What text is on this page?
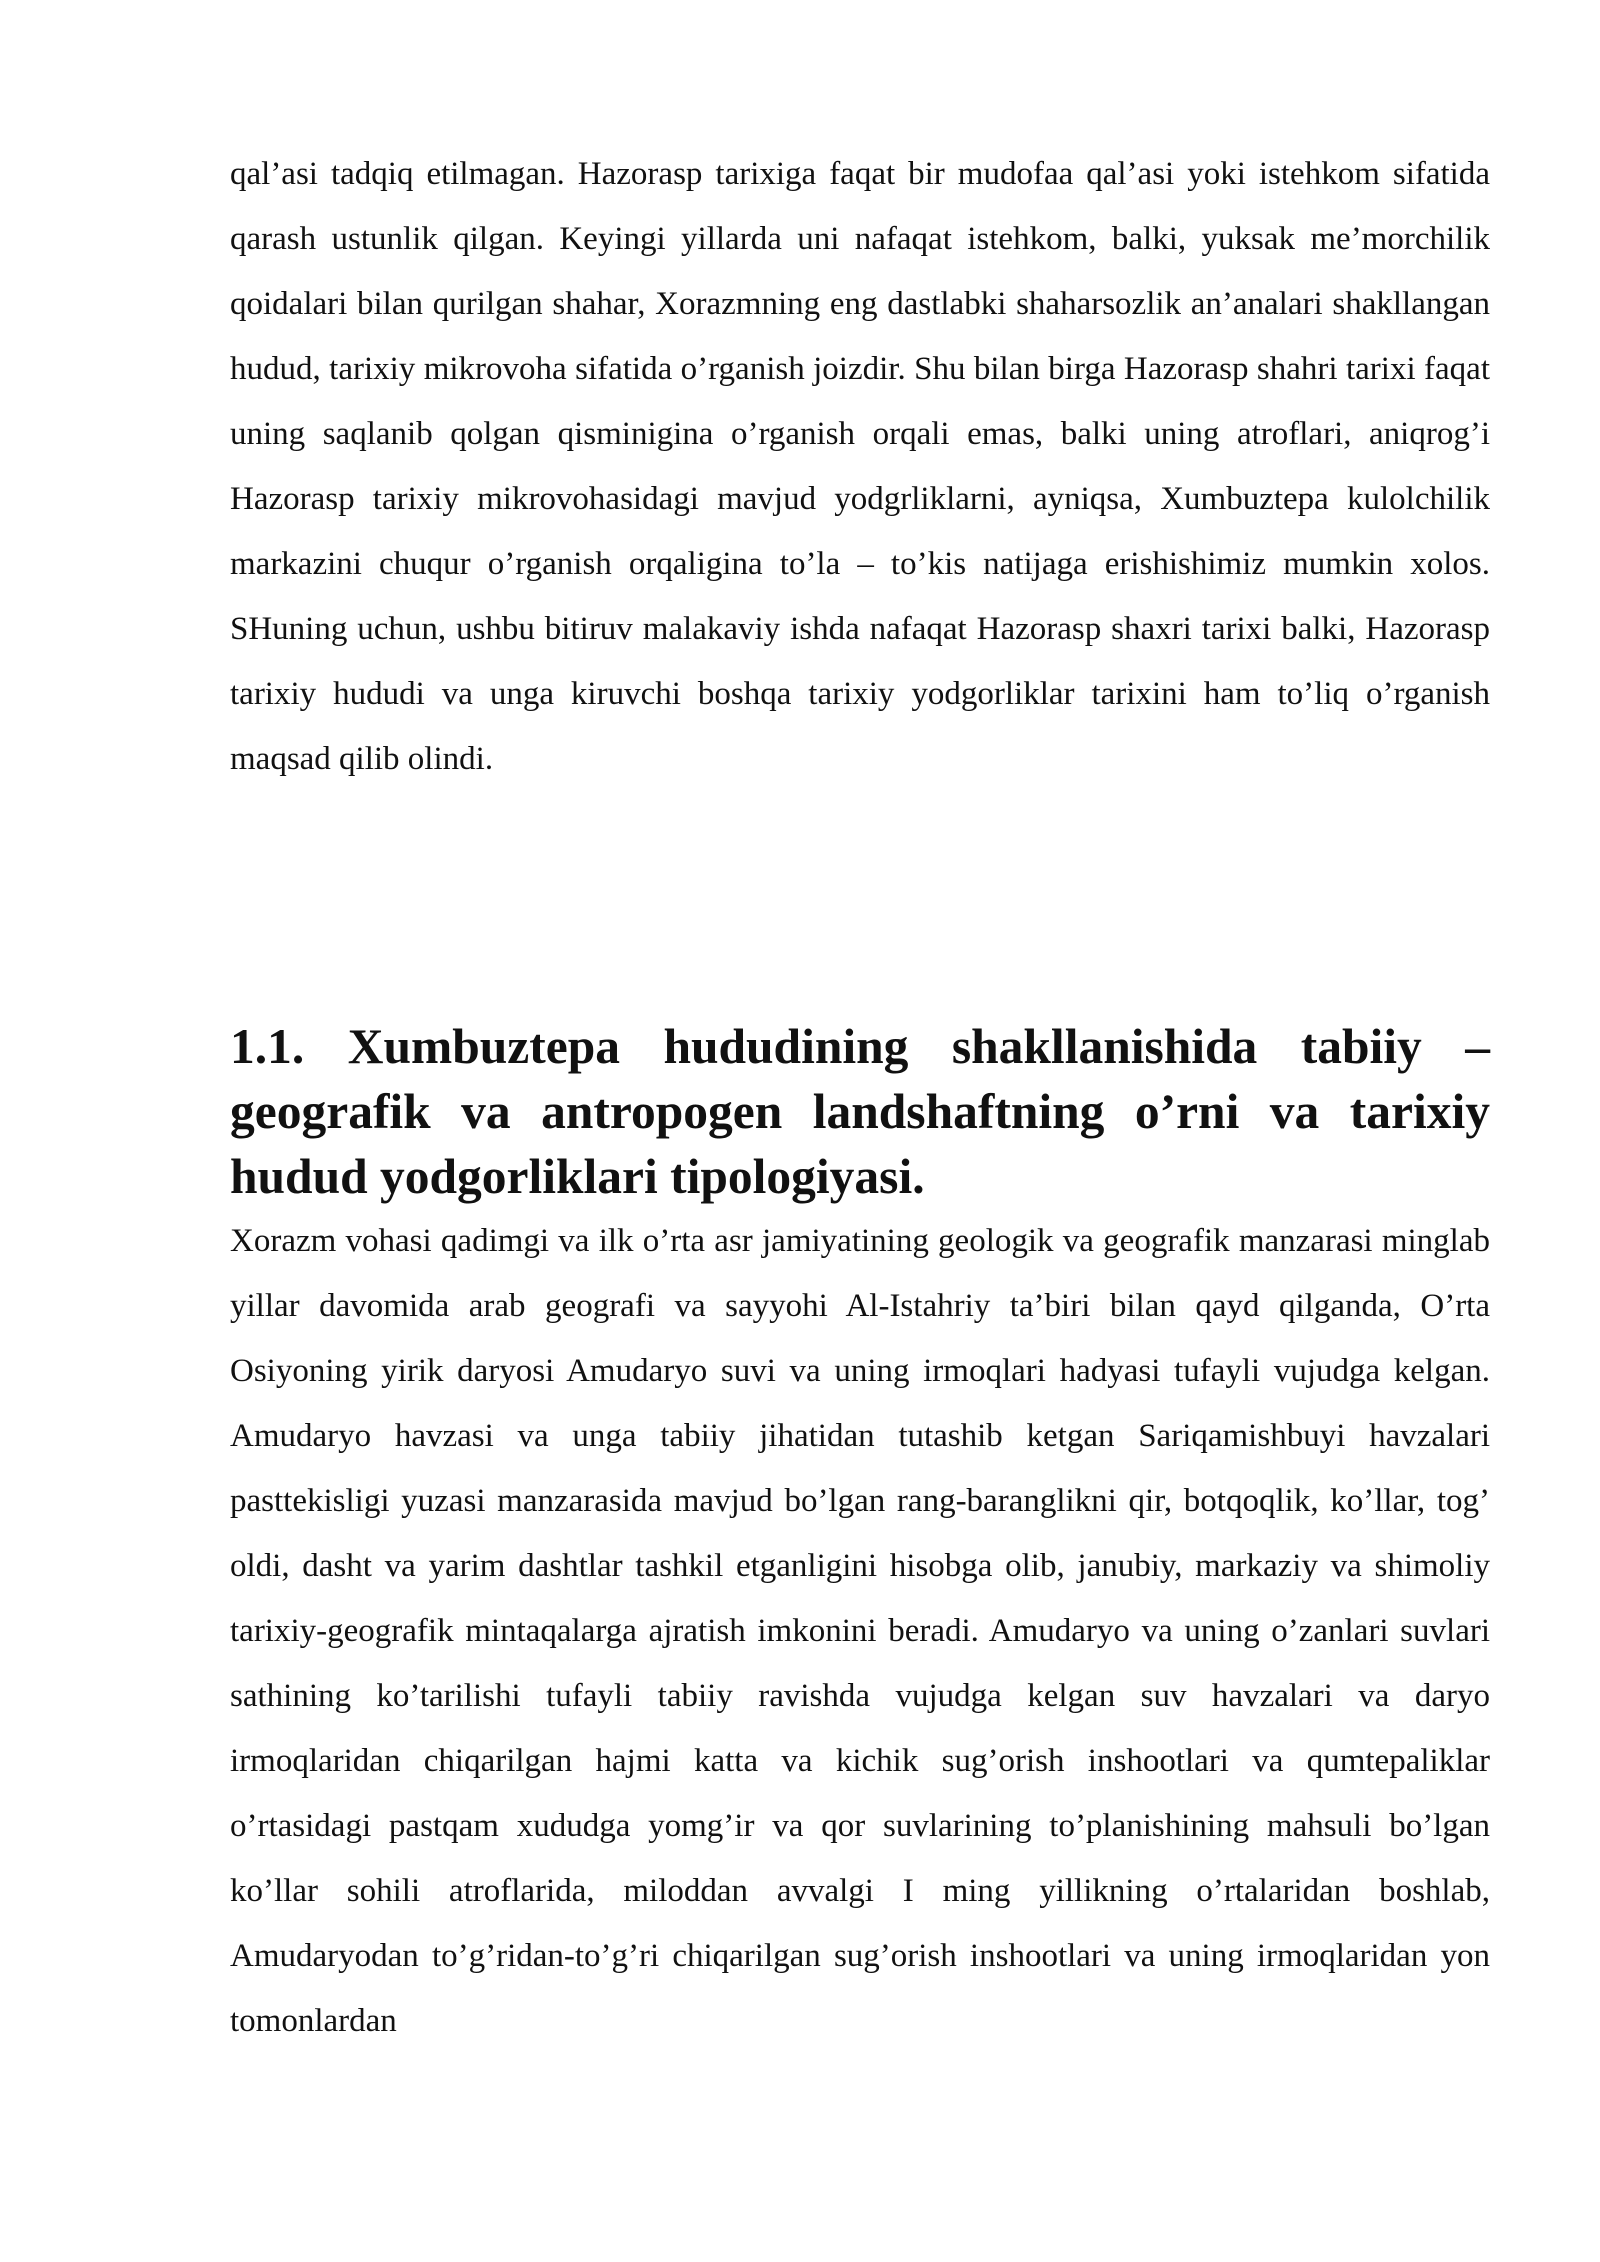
qal’asi tadqiq etilmagan. Hazorasp tarixiga faqat bir mudofaa qal’asi yoki istehkom sifatida qarash ustunlik qilgan. Keyingi yillarda uni nafaqat istehkom, balki, yuksak me’morchilik qoidalari bilan qurilgan shahar, Xorazmning eng dastlabki shaharsozlik an’analari shakllangan hudud, tarixiy mikrovoha sifatida o’rganish joizdir. Shu bilan birga Hazorasp shahri tarixi faqat uning saqlanib qolgan qisminigina o’rganish orqali emas, balki uning atroflari, aniqrog’i Hazorasp tarixiy mikrovohasidagi mavjud yodgrliklarni, ayniqsa, Xumbuztepa kulolchilik markazini chuqur o’rganish orqaligina to’la – to’kis natijaga erishishimiz mumkin xolos. SHuning uchun, ushbu bitiruv malakaviy ishda nafaqat Hazorasp shaxri tarixi balki, Hazorasp tarixiy hududi va unga kiruvchi boshqa tarixiy yodgorliklar tarixini ham to’liq o’rganish maqsad qilib olindi.

1.1. Xumbuztepa hududining shakllanishida tabiiy – geografik va antropogen landshaftning o’rni va tarixiy hudud yodgorliklari tipologiyasi.

Xorazm vohasi qadimgi va ilk o’rta asr jamiyatining geologik va geografik manzarasi minglab yillar davomida arab geografi va sayyohi Al-Istahriy ta’biri bilan qayd qilganda, O’rta Osiyoning yirik daryosi Amudaryo suvi va uning irmoqlari hadyasi tufayli vujudga kelgan. Amudaryo havzasi va unga tabiiy jihatidan tutashib ketgan Sariqamishbuyi havzalari pasttekisligi yuzasi manzarasida mavjud bo’lgan rang-baranglikni qir, botqoqlik, ko’llar, tog’ oldi, dasht va yarim dashtlar tashkil etganligini hisobga olib, janubiy, markaziy va shimoliy tarixiy-geografik mintaqalarga ajratish imkonini beradi. Amudaryo va uning o’zanlari suvlari sathining ko’tarilishi tufayli tabiiy ravishda vujudga kelgan suv havzalari va daryo irmoqlaridan chiqarilgan hajmi katta va kichik sug’orish inshootlari va qumtepaliklar o’rtasidagi pastqam xududga yomg’ir va qor suvlarining to’planishining mahsuli bo’lgan ko’llar sohili atroflarida, miloddan avvalgi I ming yillikning o’rtalaridan boshlab, Amudaryodan to’g’ridan-to’g’ri chiqarilgan sug’orish inshootlari va uning irmoqlaridan yon tomonlardan
